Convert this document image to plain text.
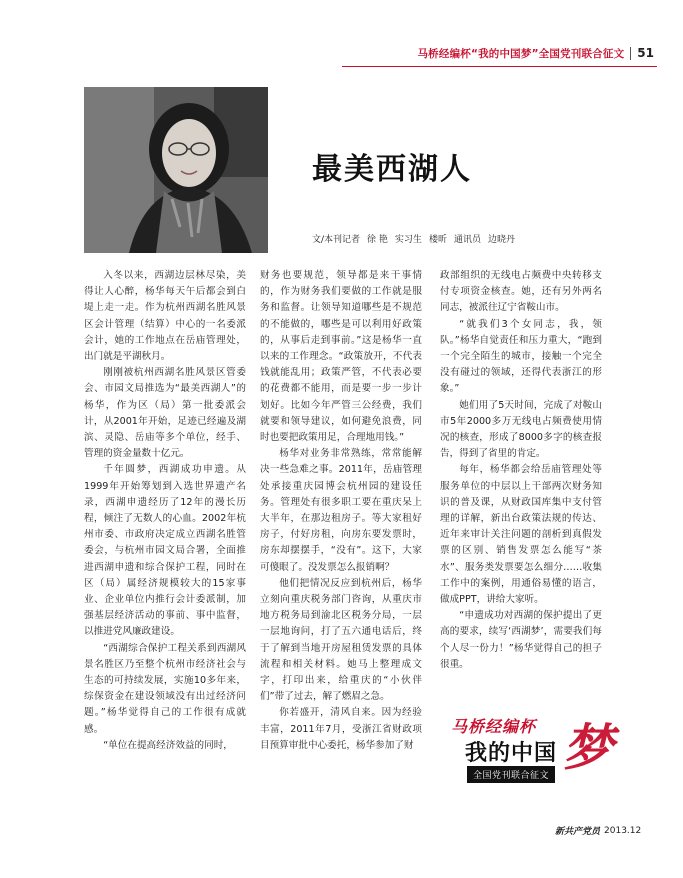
马桥经编杯“我的中国梦”全国党刊联合征文 51
最美西湖人
文/本刊记者 徐 艳 实习生 楼昕 通讯员 边晓丹

入冬以来，西湖边层林尽染，美得让人心醉，杨华每天午后都会到白堤上走一走。作为杭州西湖名胜风景区会计管理（结算）中心的一名委派会计，她的工作地点在岳庙管理处，出门就是平湖秋月。

刚刚被杭州西湖名胜风景区管委会、市园文局推选为“最美西湖人”的杨华，作为区（局）第一批委派会计，从2001年开始，足迹已经遍及湖滨、灵隐、岳庙等多个单位，经手、管理的资金量数十亿元。

千年圆梦，西湖成功申遗。从1999年开始筹划到入选世界遗产名录，西湖申遗经历了12年的漫长历程，倾注了无数人的心血。2002年杭州市委、市政府决定成立西湖名胜管委会，与杭州市园文局合署，全面推进西湖申遗和综合保护工程，同时在区（局）属经济规模较大的15家事业、企业单位内推行会计委派制，加强基层经济活动的事前、事中监督，以推进党风廉政建设。

“西湖综合保护工程关系到西湖风景名胜区乃至整个杭州市经济社会与生态的可持续发展，实施10多年来，综保资金在建设领域没有出过经济问题。”杨华觉得自己的工作很有成就感。

“单位在提高经济效益的同时，

财务也要规范，领导都是来干事情的，作为财务我们要做的工作就是服务和监督。让领导知道哪些是不规范的不能做的，哪些是可以利用好政策的，从事后走到事前。”这是杨华一直以来的工作理念。“政策放开，不代表钱就能乱用；政策严管，不代表必要的花费都不能用，而是要一步一步计划好。比如今年严管三公经费，我们就要和领导建议，如何避免浪费，同时也要把政策用足，合理地用钱。”

杨华对业务非常熟练，常常能解决一些急难之事。2011年，岳庙管理处承接重庆园博会杭州园的建设任务。管理处有很多职工要在重庆呆上大半年，在那边租房子。等大家租好房子，付好房租，向房东要发票时，房东却摆摆手，“没有”。这下，大家可傻眼了。没发票怎么报销啊？

他们把情况反应到杭州后，杨华立刻向重庆税务部门咨询，从重庆市地方税务局到渝北区税务分局，一层一层地询问，打了五六通电话后，终于了解到当地开房屋租赁发票的具体流程和相关材料。她马上整理成文字，打印出来，给重庆的“小伙伴们”带了过去，解了燃眉之急。

你若盛开，清风自来。因为经验丰富，2011年7月，受浙江省财政项目预算审批中心委托，杨华参加了财

政部组织的无线电占频费中央转移支付专项资金核查。她，还有另外两名同志，被派往辽宁省鞍山市。

“就我们3个女同志，我，领队。”杨华自觉责任和压力重大，“跑到一个完全陌生的城市，接触一个完全没有碰过的领域，还得代表浙江的形象。”

她们用了5天时间，完成了对鞍山市5年2000多万无线电占频费使用情况的核查，形成了8000多字的核查报告，得到了省里的肯定。

每年，杨华都会给岳庙管理处等服务单位的中层以上干部两次财务知识的普及课，从财政国库集中支付管理的详解，新出台政策法规的传达、近年来审计关注问题的剖析到真假发票的区别、销售发票怎么能写“茶水”、服务类发票要怎么细分……收集工作中的案例，用通俗易懂的语言，做成PPT，讲给大家听。

“申遗成功对西湖的保护提出了更高的要求，续写‘西湖梦’，需要我们每个人尽一份力！”杨华觉得自己的担子很重。

梦
马桥经编杯
我的中国
全国党刊联合征文
新共产党员 2013.12
